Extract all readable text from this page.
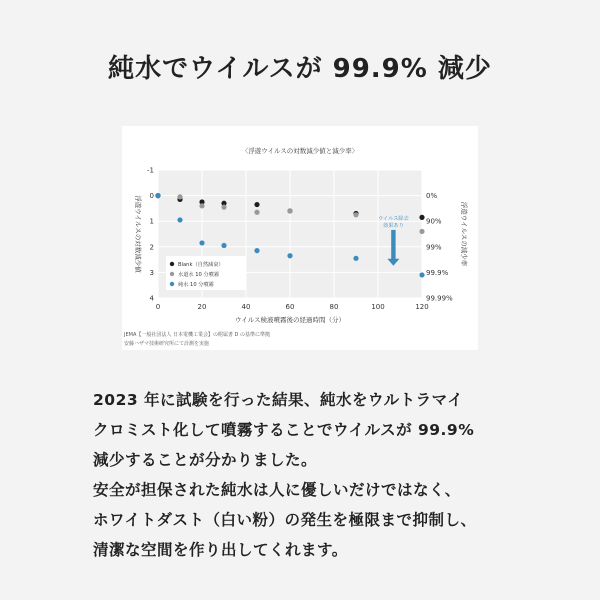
純水でウイルスが 99.9% 減少
〈浮遊ウイルスの対数減少値と減少率〉
0	20	40	60	80	100	120
-1
0
1
2
3
4
0%
90%
99%
99.9%
99.99%
ウイルス検液噴霧後の経過時間（分）
浮遊ウイルスの対数減少値	浮遊ウイルスの減少率
Blank（自然減衰）
水道水 10 分噴霧
純水 10 分噴霧
ウイルス除去
効果あり
JEMA【一般社団法人 日本電機工業会】の附属書 D の基準に準拠
安藤ハザマ技術研究所にて計測を実施

2023 年に試験を行った結果、純水をウルトラマイ

クロミスト化して噴霧することでウイルスが 99.9%

減少することが分かりました。

安全が担保された純水は人に優しいだけではなく、

ホワイトダスト（白い粉）の発生を極限まで抑制し、

清潔な空間を作り出してくれます。
